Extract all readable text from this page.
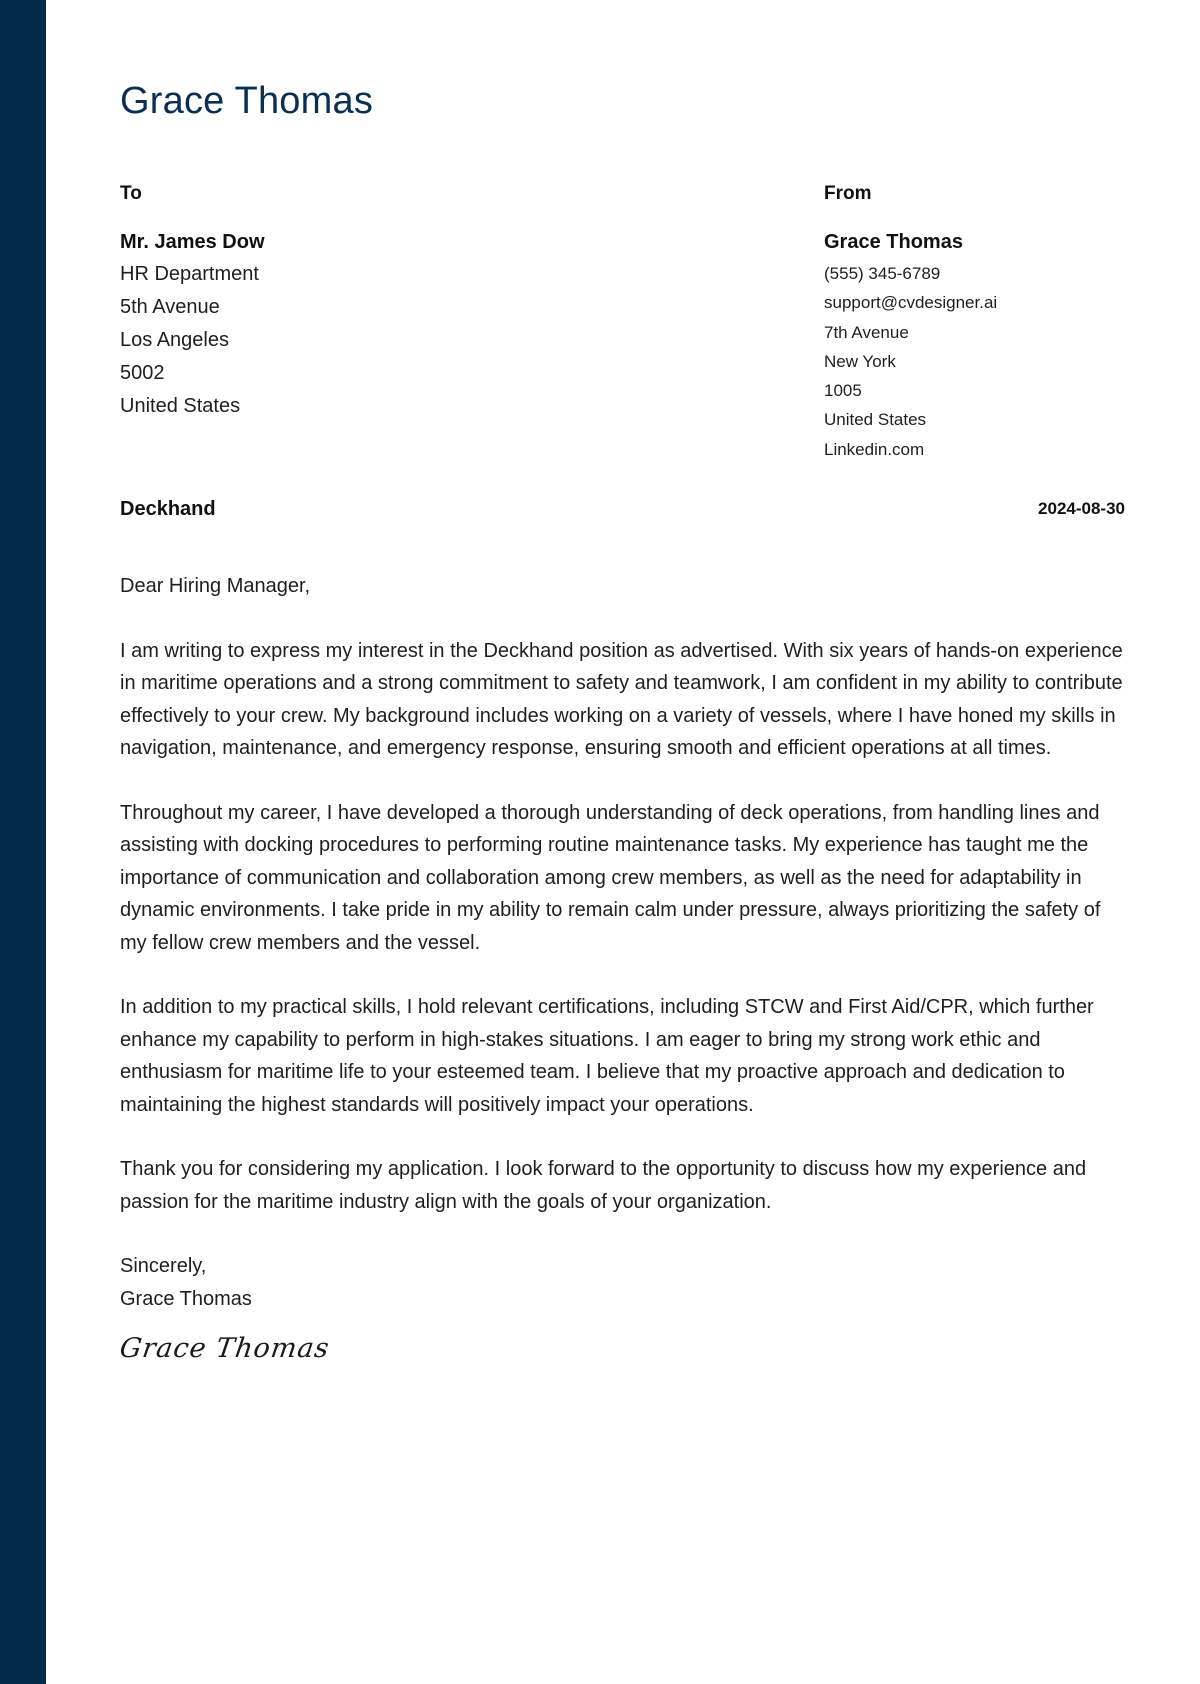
Grace Thomas
To
Mr. James Dow
HR Department
5th Avenue
Los Angeles
5002
United States
From
Grace Thomas
(555) 345-6789
support@cvdesigner.ai
7th Avenue
New York
1005
United States
Linkedin.com
Deckhand	2024-08-30

Dear Hiring Manager,

I am writing to express my interest in the Deckhand position as advertised. With six years of hands-on experience in maritime operations and a strong commitment to safety and teamwork, I am confident in my ability to contribute effectively to your crew. My background includes working on a variety of vessels, where I have honed my skills in navigation, maintenance, and emergency response, ensuring smooth and efficient operations at all times.

Throughout my career, I have developed a thorough understanding of deck operations, from handling lines and assisting with docking procedures to performing routine maintenance tasks. My experience has taught me the importance of communication and collaboration among crew members, as well as the need for adaptability in dynamic environments. I take pride in my ability to remain calm under pressure, always prioritizing the safety of my fellow crew members and the vessel.

In addition to my practical skills, I hold relevant certifications, including STCW and First Aid/CPR, which further enhance my capability to perform in high-stakes situations. I am eager to bring my strong work ethic and enthusiasm for maritime life to your esteemed team. I believe that my proactive approach and dedication to maintaining the highest standards will positively impact your operations.

Thank you for considering my application. I look forward to the opportunity to discuss how my experience and passion for the maritime industry align with the goals of your organization.

Sincerely,
Grace Thomas
Grace Thomas
